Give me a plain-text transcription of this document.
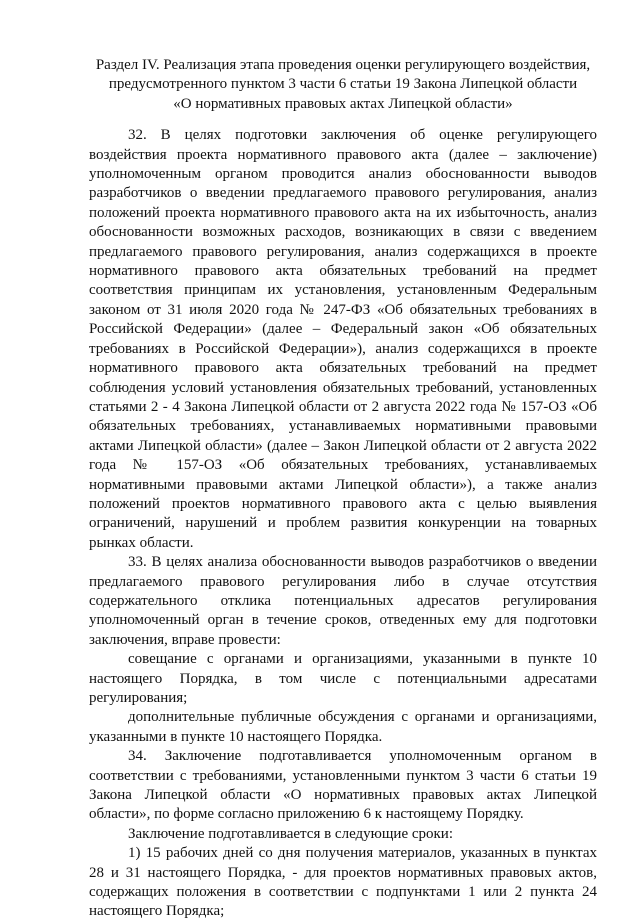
Раздел IV. Реализация этапа проведения оценки регулирующего воздействия,
предусмотренного пунктом 3 части 6 статьи 19 Закона Липецкой области
«О нормативных правовых актах Липецкой области»

32. В целях подготовки заключения об оценке регулирующего воздействия проекта нормативного правового акта (далее – заключение) уполномоченным органом проводится анализ обоснованности выводов разработчиков о введении предлагаемого правового регулирования, анализ положений проекта нормативного правового акта на их избыточность, анализ обоснованности возможных расходов, возникающих в связи с введением предлагаемого правового регулирования, анализ содержащихся в проекте нормативного правового акта обязательных требований на предмет соответствия принципам их установления, установленным Федеральным законом от 31 июля 2020 года № 247-ФЗ «Об обязательных требованиях в Российской Федерации» (далее – Федеральный закон «Об обязательных требованиях в Российской Федерации»), анализ содержащихся в проекте нормативного правового акта обязательных требований на предмет соблюдения условий установления обязательных требований, установленных статьями 2 - 4 Закона Липецкой области от 2 августа 2022 года № 157-ОЗ «Об обязательных требованиях, устанавливаемых нормативными правовыми актами Липецкой области» (далее – Закон Липецкой области от 2 августа 2022 года № 157-ОЗ «Об обязательных требованиях, устанавливаемых нормативными правовыми актами Липецкой области»), а также анализ положений проектов нормативного правового акта с целью выявления ограничений, нарушений и проблем развития конкуренции на товарных рынках области.

33. В целях анализа обоснованности выводов разработчиков о введении предлагаемого правового регулирования либо в случае отсутствия содержательного отклика потенциальных адресатов регулирования уполномоченный орган в течение сроков, отведенных ему для подготовки заключения, вправе провести:

совещание с органами и организациями, указанными в пункте 10 настоящего Порядка, в том числе с потенциальными адресатами регулирования;

дополнительные публичные обсуждения с органами и организациями, указанными в пункте 10 настоящего Порядка.

34. Заключение подготавливается уполномоченным органом в соответствии с требованиями, установленными пунктом 3 части 6 статьи 19 Закона Липецкой области «О нормативных правовых актах Липецкой области», по форме согласно приложению 6 к настоящему Порядку.

Заключение подготавливается в следующие сроки:

1) 15 рабочих дней со дня получения материалов, указанных в пунктах 28 и 31 настоящего Порядка, - для проектов нормативных правовых актов, содержащих положения в соответствии с подпунктами 1 или 2 пункта 24 настоящего Порядка;
